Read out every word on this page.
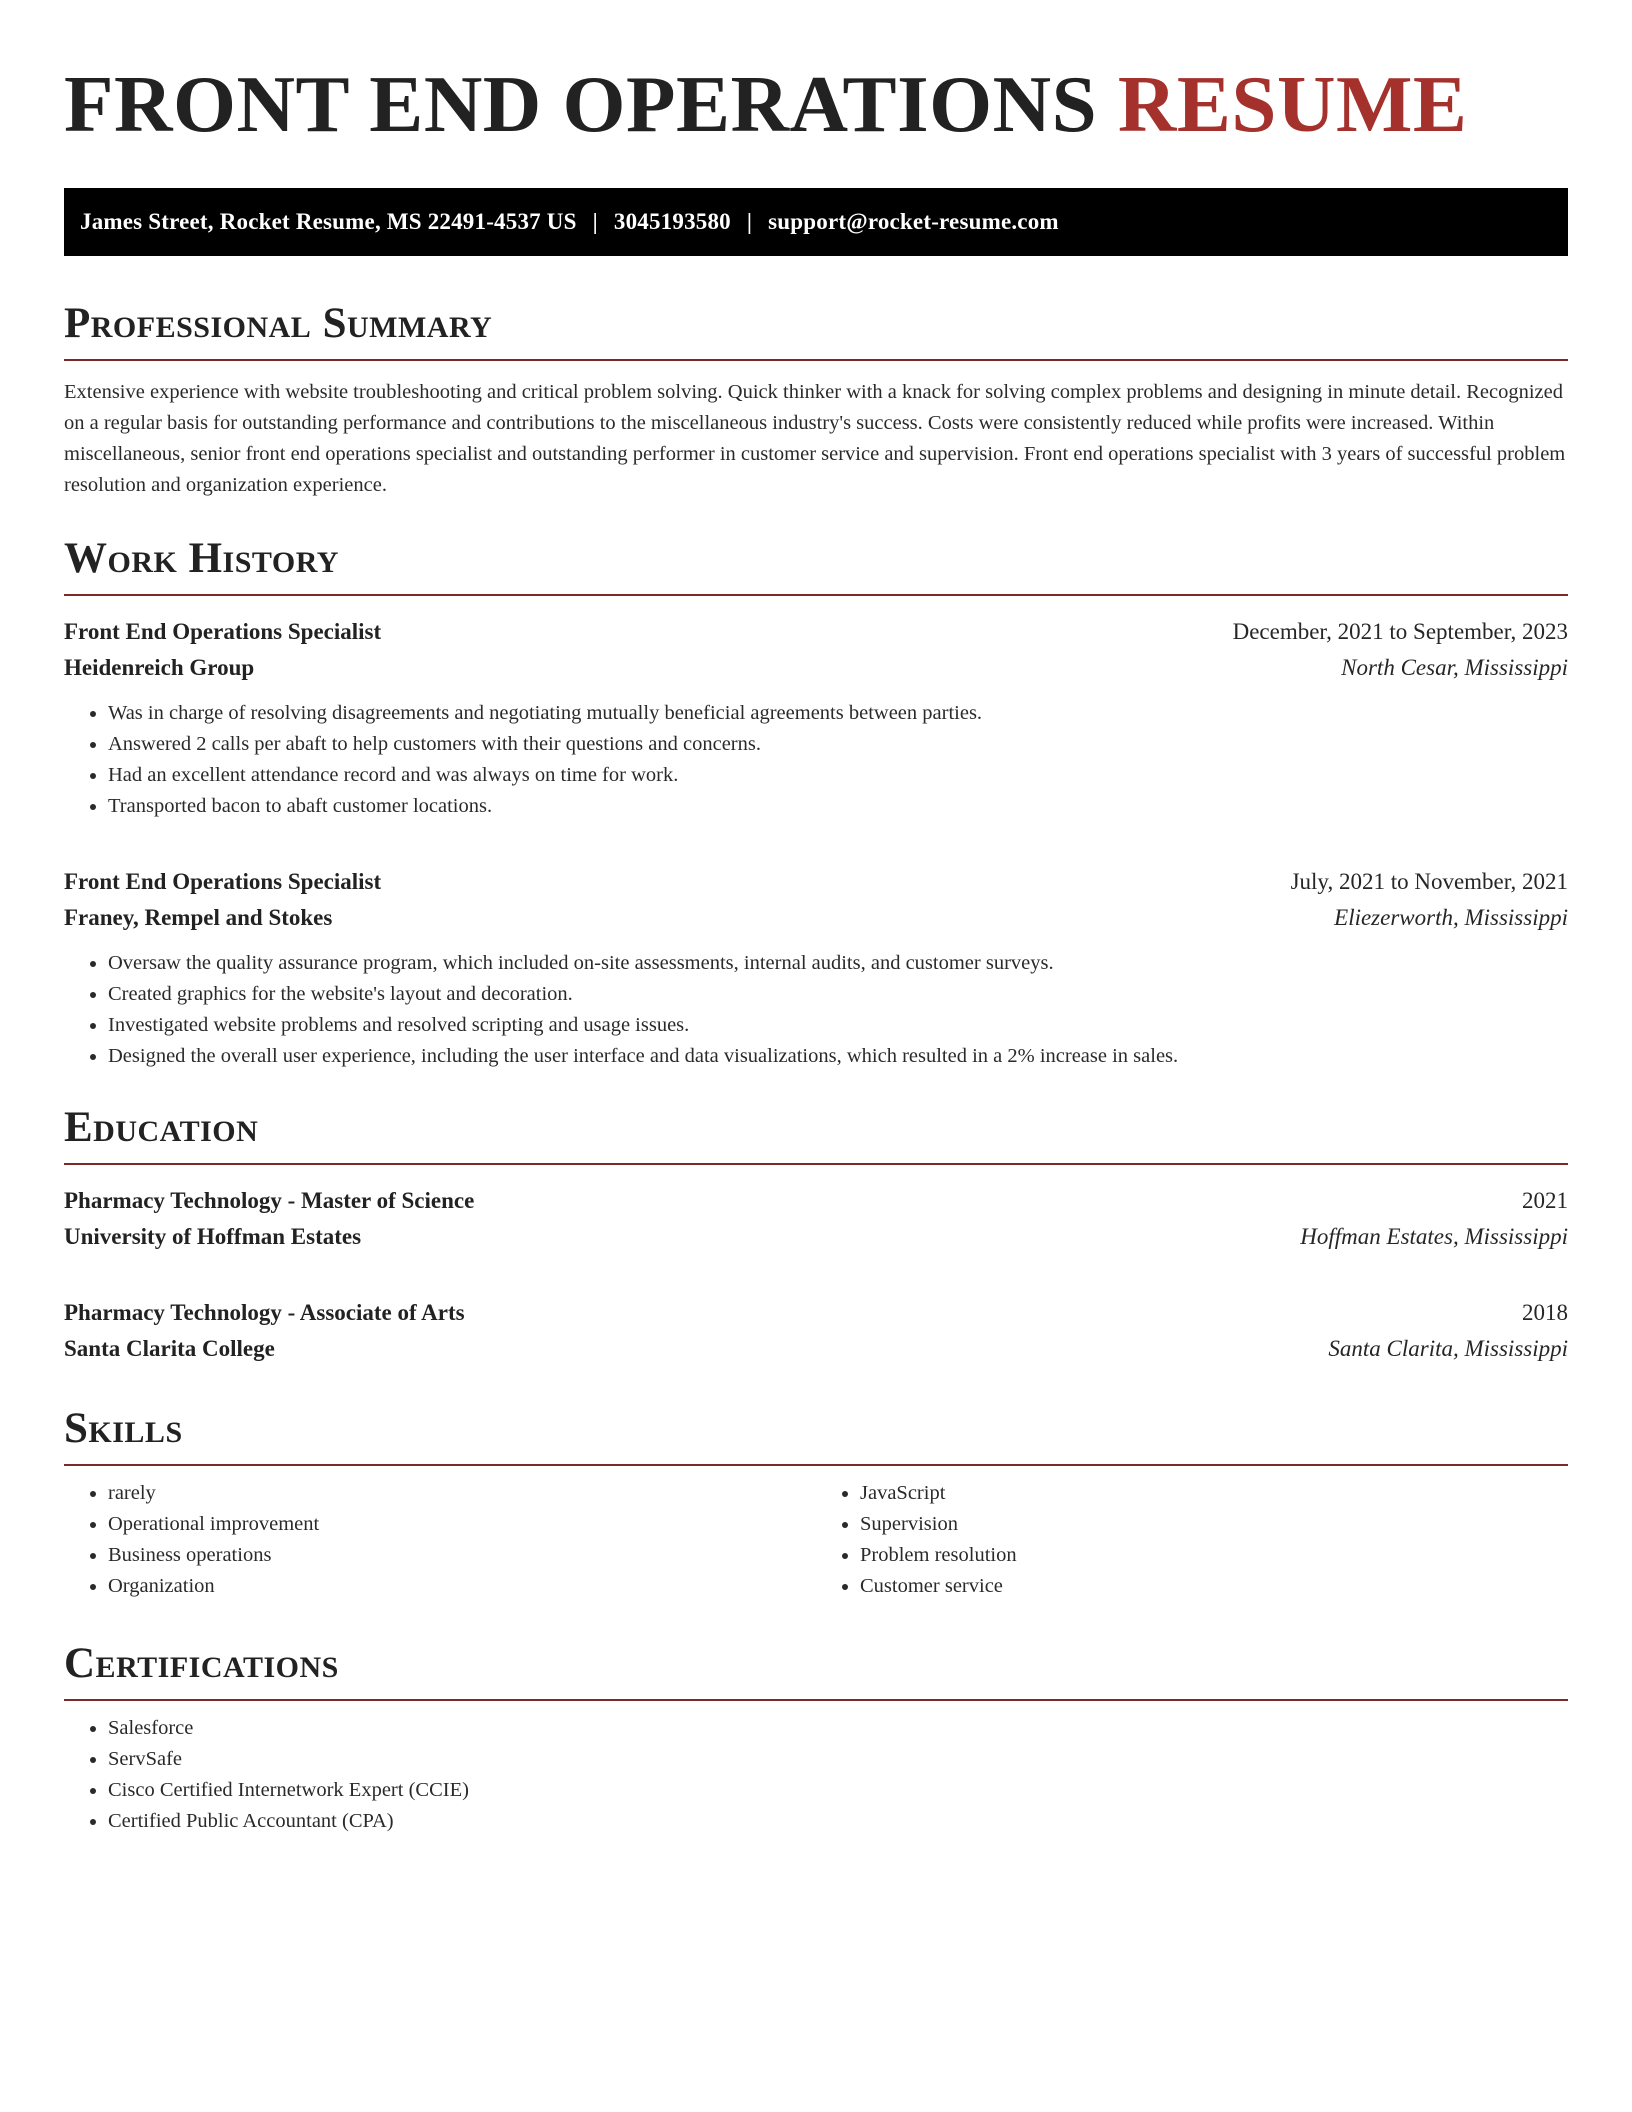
FRONT END OPERATIONS RESUME
James Street, Rocket Resume, MS 22491-4537 US | 3045193580 | support@rocket-resume.com
Professional Summary

Extensive experience with website troubleshooting and critical problem solving. Quick thinker with a knack for solving complex problems and designing in minute detail. Recognized on a regular basis for outstanding performance and contributions to the miscellaneous industry's success. Costs were consistently reduced while profits were increased. Within miscellaneous, senior front end operations specialist and outstanding performer in customer service and supervision. Front end operations specialist with 3 years of successful problem resolution and organization experience.

Work History
Front End Operations Specialist	December, 2021 to September, 2023
Heidenreich Group	North Cesar, Mississippi
• Was in charge of resolving disagreements and negotiating mutually beneficial agreements between parties.
• Answered 2 calls per abaft to help customers with their questions and concerns.
• Had an excellent attendance record and was always on time for work.
• Transported bacon to abaft customer locations.
Front End Operations Specialist	July, 2021 to November, 2021
Franey, Rempel and Stokes	Eliezerworth, Mississippi
• Oversaw the quality assurance program, which included on-site assessments, internal audits, and customer surveys.
• Created graphics for the website's layout and decoration.
• Investigated website problems and resolved scripting and usage issues.
• Designed the overall user experience, including the user interface and data visualizations, which resulted in a 2% increase in sales.
Education
Pharmacy Technology - Master of Science	2021
University of Hoffman Estates	Hoffman Estates, Mississippi
Pharmacy Technology - Associate of Arts	2018
Santa Clarita College	Santa Clarita, Mississippi
Skills
• rarely
• Operational improvement
• Business operations
• Organization
• JavaScript
• Supervision
• Problem resolution
• Customer service
Certifications
• Salesforce
• ServSafe
• Cisco Certified Internetwork Expert (CCIE)
• Certified Public Accountant (CPA)
